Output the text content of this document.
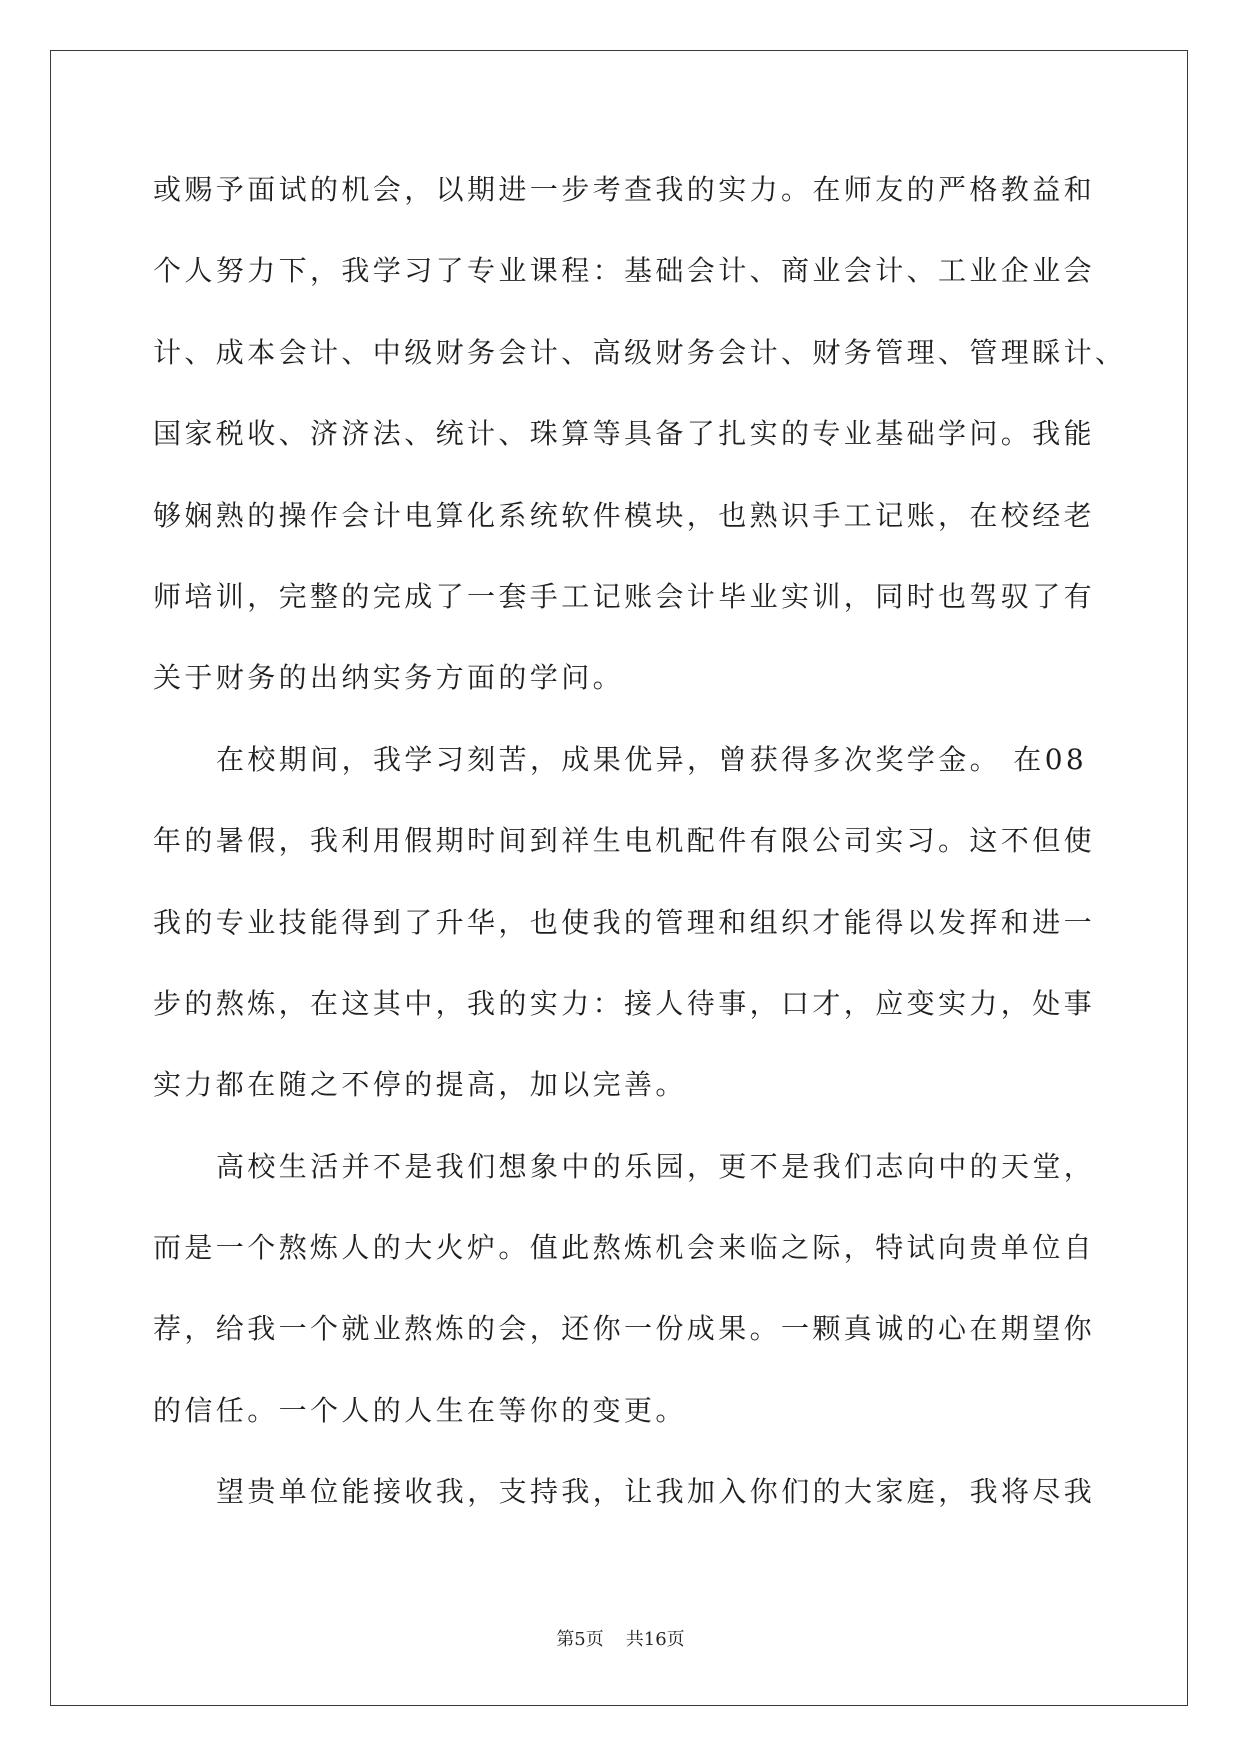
或赐予面试的机会，以期进一步考查我的实力。在师友的严格教益和
个人努力下，我学习了专业课程：基础会计、商业会计、工业企业会
计、成本会计、中级财务会计、高级财务会计、财务管理、管理睬计、
国家税收、济济法、统计、珠算等具备了扎实的专业基础学问。我能
够娴熟的操作会计电算化系统软件模块，也熟识手工记账，在校经老
师培训，完整的完成了一套手工记账会计毕业实训，同时也驾驭了有
关于财务的出纳实务方面的学问。
在校期间，我学习刻苦，成果优异，曾获得多次奖学金。 在08
年的暑假，我利用假期时间到祥生电机配件有限公司实习。这不但使
我的专业技能得到了升华，也使我的管理和组织才能得以发挥和进一
步的熬炼，在这其中，我的实力：接人待事，口才，应变实力，处事
实力都在随之不停的提高，加以完善。
高校生活并不是我们想象中的乐园，更不是我们志向中的天堂，
而是一个熬炼人的大火炉。值此熬炼机会来临之际，特试向贵单位自
荐，给我一个就业熬炼的会，还你一份成果。一颗真诚的心在期望你
的信任。一个人的人生在等你的变更。
望贵单位能接收我，支持我，让我加入你们的大家庭，我将尽我
第5页 共16页
